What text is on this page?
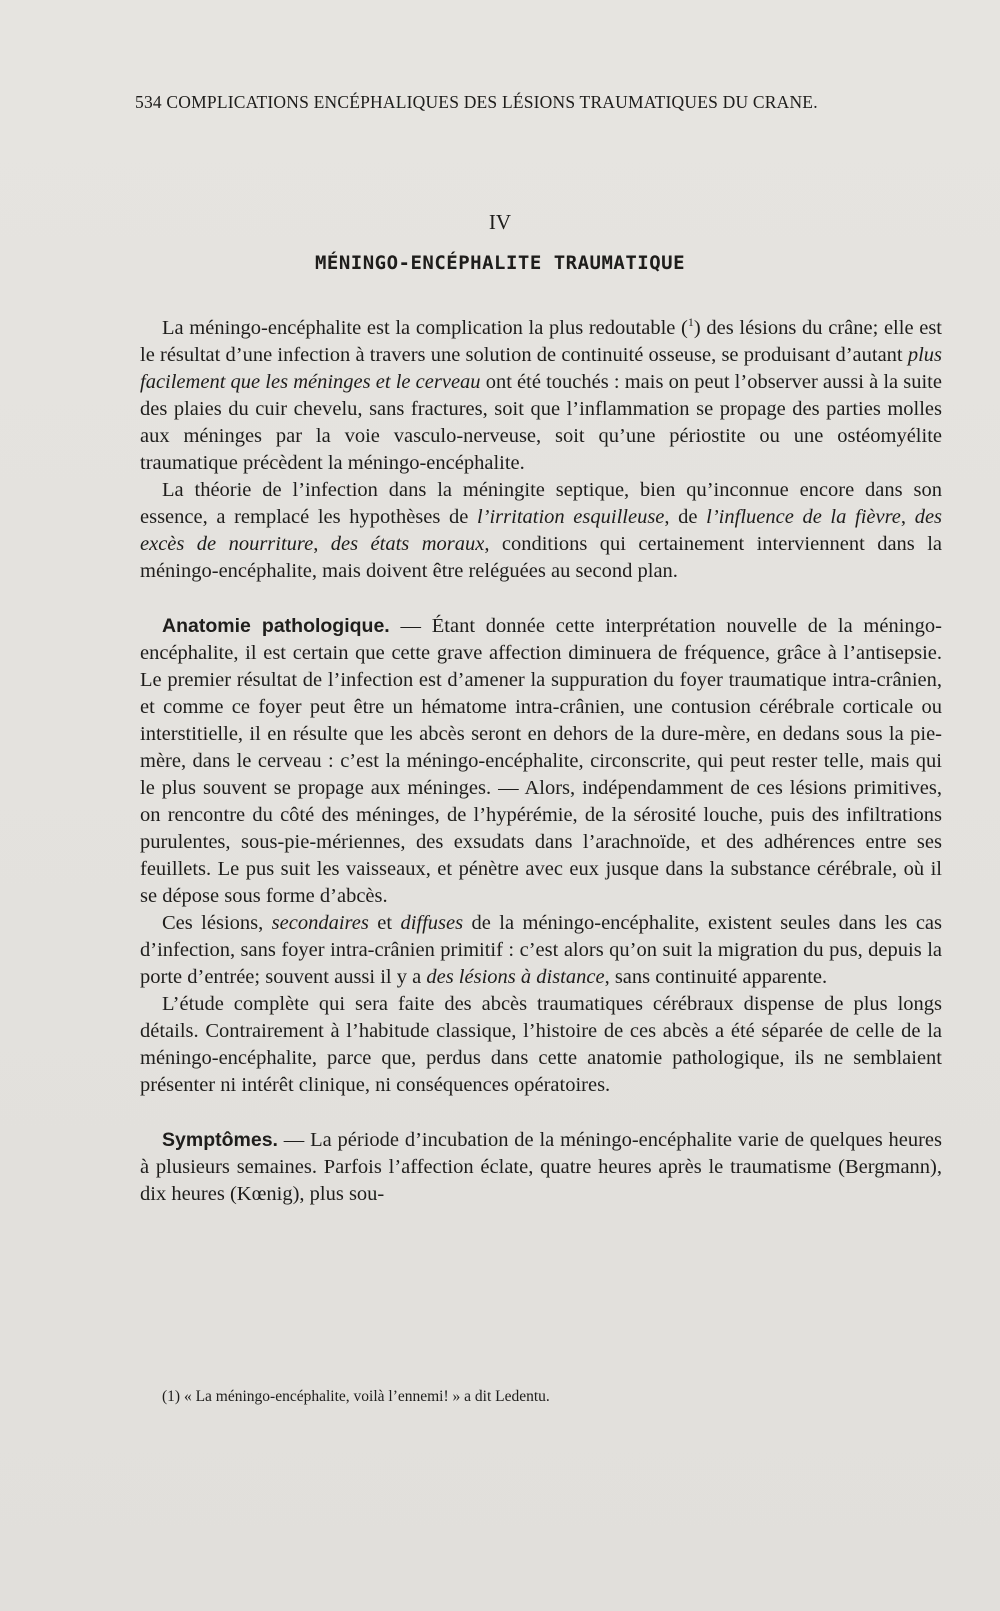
534 COMPLICATIONS ENCÉPHALIQUES DES LÉSIONS TRAUMATIQUES DU CRANE.
IV
MÉNINGO-ENCÉPHALITE TRAUMATIQUE

La méningo-encéphalite est la complication la plus redoutable ($^1$) des lésions du crâne; elle est le résultat d’une infection à travers une solution de continuité osseuse, se produisant d’autant plus facilement que les méninges et le cerveau ont été touchés : mais on peut l’observer aussi à la suite des plaies du cuir chevelu, sans fractures, soit que l’inflammation se propage des parties molles aux méninges par la voie vasculo-nerveuse, soit qu’une périostite ou une ostéomyélite traumatique précèdent la méningo-encéphalite.

La théorie de l’infection dans la méningite septique, bien qu’inconnue encore dans son essence, a remplacé les hypothèses de l’irritation esquilleuse, de l’influence de la fièvre, des excès de nourriture, des états moraux, conditions qui certainement interviennent dans la méningo-encéphalite, mais doivent être reléguées au second plan.

Anatomie pathologique. — Étant donnée cette interprétation nouvelle de la méningo-encéphalite, il est certain que cette grave affection diminuera de fréquence, grâce à l’antisepsie. Le premier résultat de l’infection est d’amener la suppuration du foyer traumatique intra-crânien, et comme ce foyer peut être un hématome intra-crânien, une contusion cérébrale corticale ou interstitielle, il en résulte que les abcès seront en dehors de la dure-mère, en dedans sous la pie-mère, dans le cerveau : c’est la méningo-encéphalite, circonscrite, qui peut rester telle, mais qui le plus souvent se propage aux méninges. — Alors, indépendamment de ces lésions primitives, on rencontre du côté des méninges, de l’hypérémie, de la sérosité louche, puis des infiltrations purulentes, sous-pie-mériennes, des exsudats dans l’arachnoïde, et des adhérences entre ses feuillets. Le pus suit les vaisseaux, et pénètre avec eux jusque dans la substance cérébrale, où il se dépose sous forme d’abcès.

Ces lésions, secondaires et diffuses de la méningo-encéphalite, existent seules dans les cas d’infection, sans foyer intra-crânien primitif : c’est alors qu’on suit la migration du pus, depuis la porte d’entrée; souvent aussi il y a des lésions à distance, sans continuité apparente.

L’étude complète qui sera faite des abcès traumatiques cérébraux dispense de plus longs détails. Contrairement à l’habitude classique, l’histoire de ces abcès a été séparée de celle de la méningo-encéphalite, parce que, perdus dans cette anatomie pathologique, ils ne semblaient présenter ni intérêt clinique, ni conséquences opératoires.

Symptômes. — La période d’incubation de la méningo-encéphalite varie de quelques heures à plusieurs semaines. Parfois l’affection éclate, quatre heures après le traumatisme (Bergmann), dix heures (Kœnig), plus sou-

(1) « La méningo-encéphalite, voilà l’ennemi! » a dit Ledentu.
